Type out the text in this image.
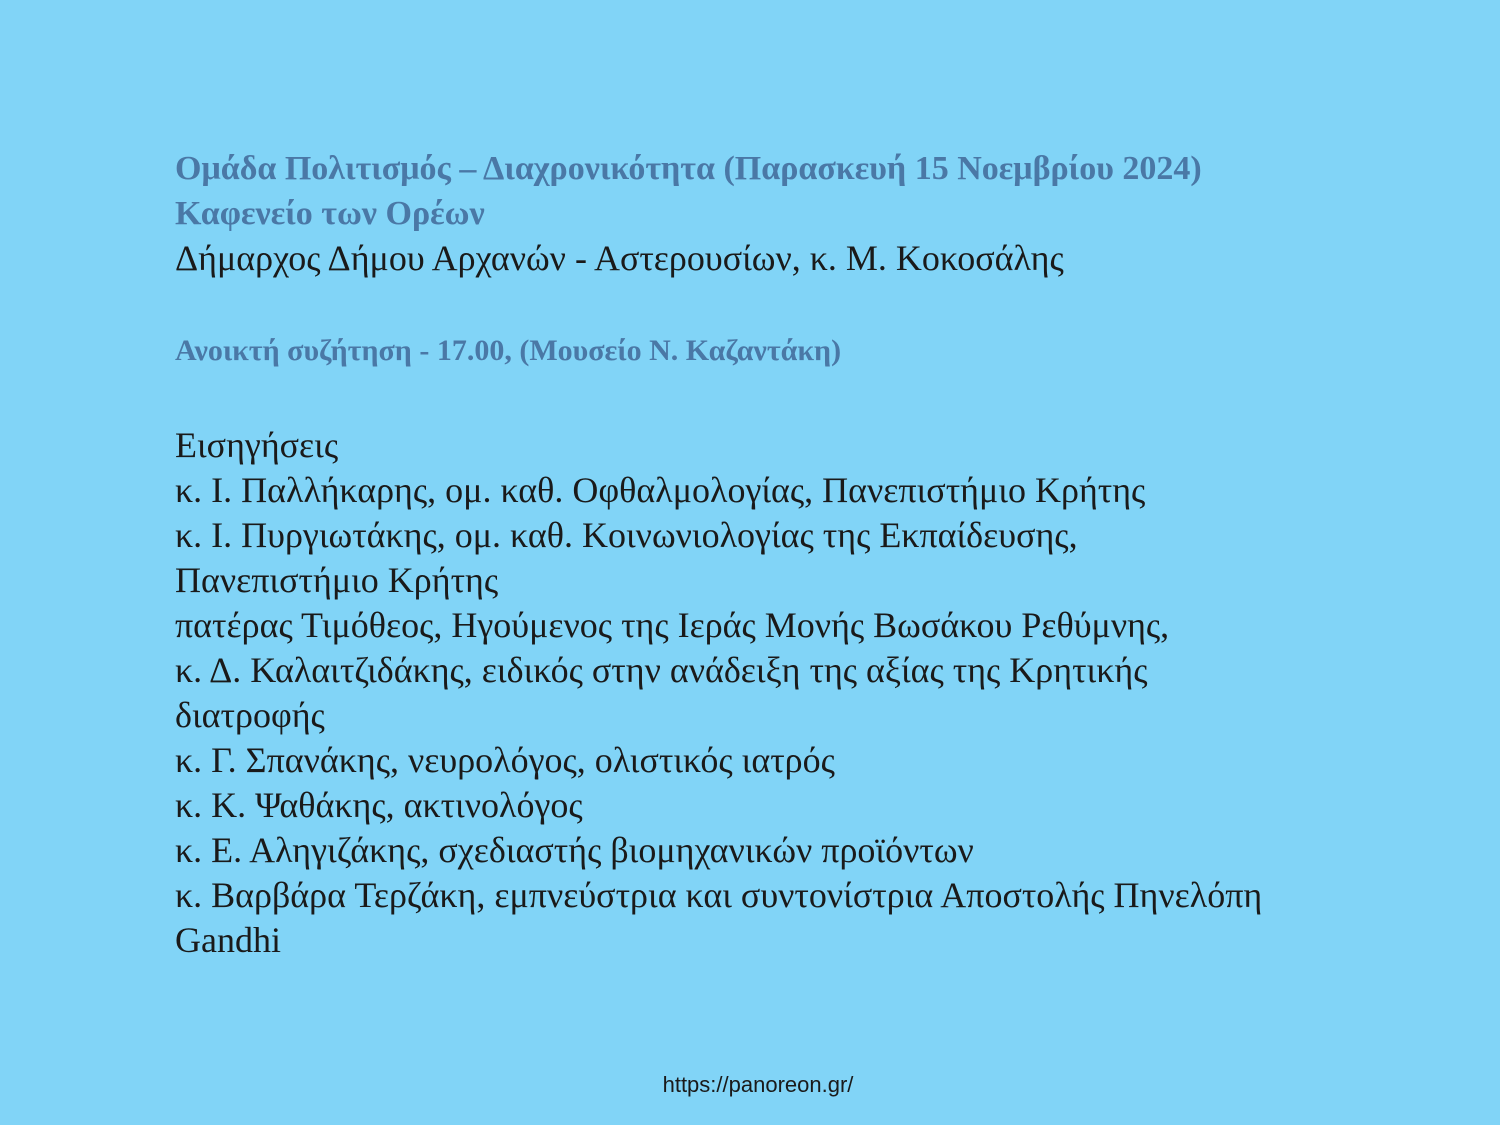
Ομάδα Πολιτισμός – Διαχρονικότητα (Παρασκευή 15 Νοεμβρίου 2024)
Καφενείο των Ορέων
Δήμαρχος Δήμου Αρχανών - Αστερουσίων, κ. Μ. Κοκοσάλης
Ανοικτή συζήτηση - 17.00, (Μουσείο Ν. Καζαντάκη)
Εισηγήσεις
κ. Ι. Παλλήκαρης, ομ. καθ. Οφθαλμολογίας, Πανεπιστήμιο Κρήτης
κ. Ι. Πυργιωτάκης, ομ. καθ. Κοινωνιολογίας της Εκπαίδευσης,
Πανεπιστήμιο Κρήτης
πατέρας Τιμόθεος, Ηγούμενος της Ιεράς Μονής Βωσάκου Ρεθύμνης,
κ. Δ. Καλαιτζιδάκης, ειδικός στην ανάδειξη της αξίας της Κρητικής
διατροφής
κ. Γ. Σπανάκης, νευρολόγος, ολιστικός ιατρός
κ. Κ. Ψαθάκης, ακτινολόγος
κ. Ε. Αληγιζάκης, σχεδιαστής βιομηχανικών προϊόντων
κ. Βαρβάρα Τερζάκη, εμπνεύστρια και συντονίστρια Αποστολής Πηνελόπη
Gandhi
https://panoreon.gr/
